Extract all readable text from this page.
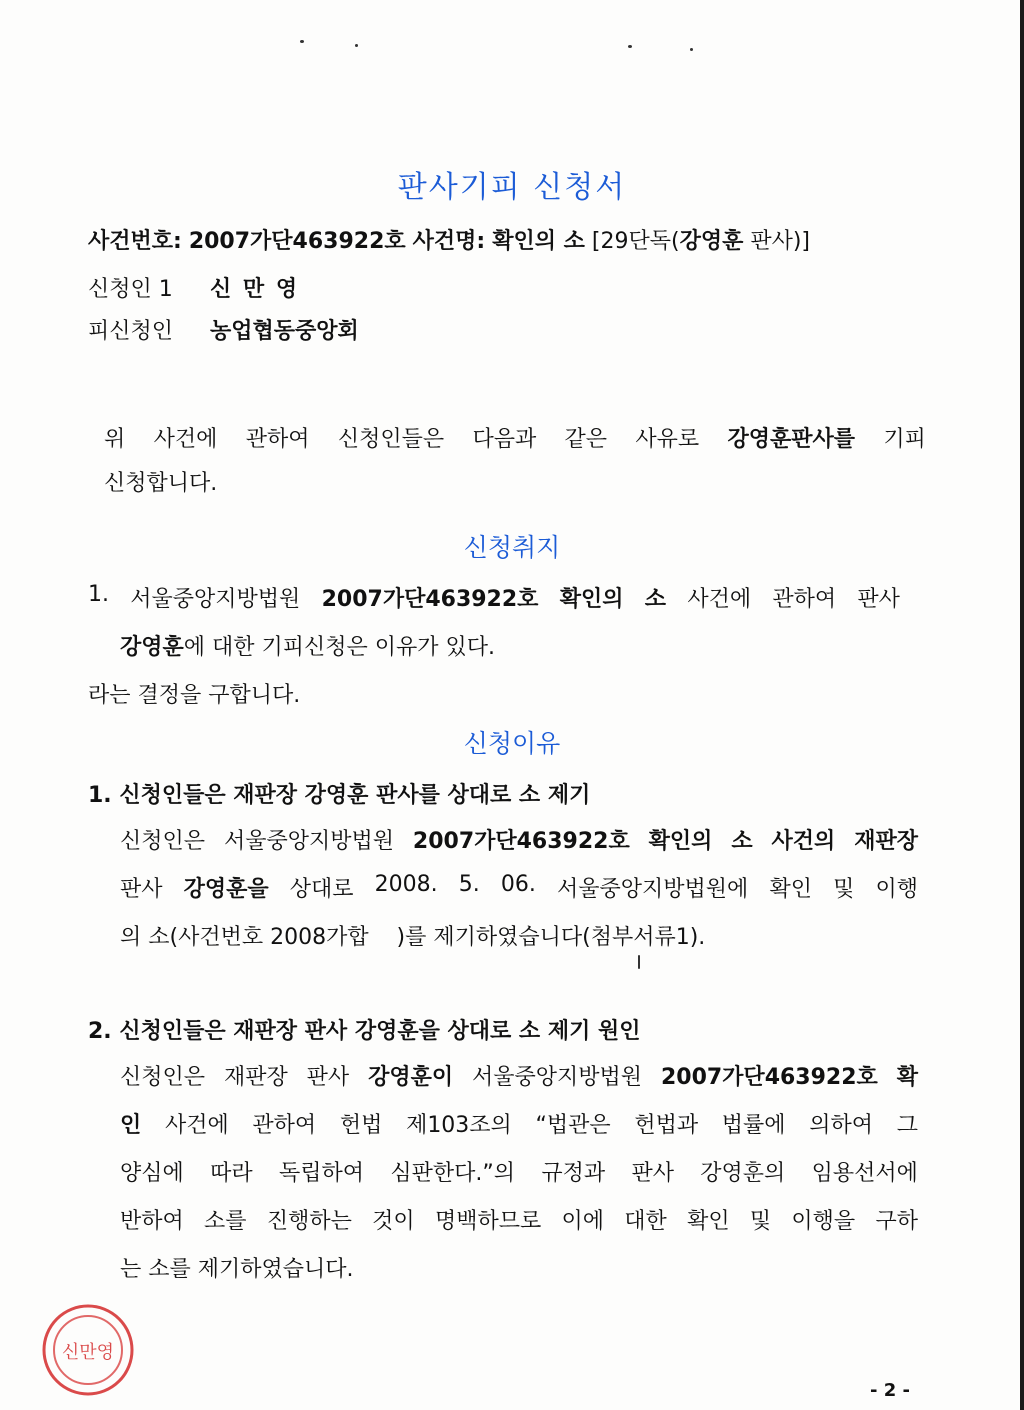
판사기피 신청서
사건번호: 2007가단463922호 사건명: 확인의 소 [29단독(강영훈 판사)]
신청인 1 신 만 영
피신청인 농업협동중앙회
위 사건에 관하여 신청인들은 다음과 같은 사유로 강영훈판사를 기피
신청합니다.
신청취지
1. 서울중앙지방법원 2007가단463922호 확인의 소 사건에 관하여 판사
강영훈에 대한 기피신청은 이유가 있다.
라는 결정을 구합니다.
신청이유
1. 신청인들은 재판장 강영훈 판사를 상대로 소 제기
신청인은 서울중앙지방법원 2007가단463922호 확인의 소 사건의 재판장
판사 강영훈을 상대로 2008. 5. 06. 서울중앙지방법원에 확인 및 이행
의 소(사건번호 2008가합    )를 제기하였습니다(첨부서류1).
2. 신청인들은 재판장 판사 강영훈을 상대로 소 제기 원인
신청인은 재판장 판사 강영훈이 서울중앙지방법원 2007가단463922호 확
인 사건에 관하여 헌법 제103조의 “법관은 헌법과 법률에 의하여 그
양심에 따라 독립하여 심판한다.”의 규정과 판사 강영훈의 임용선서에
반하여 소를 진행하는 것이 명백하므로 이에 대한 확인 및 이행을 구하
는 소를 제기하였습니다.
신만영
- 2 -
